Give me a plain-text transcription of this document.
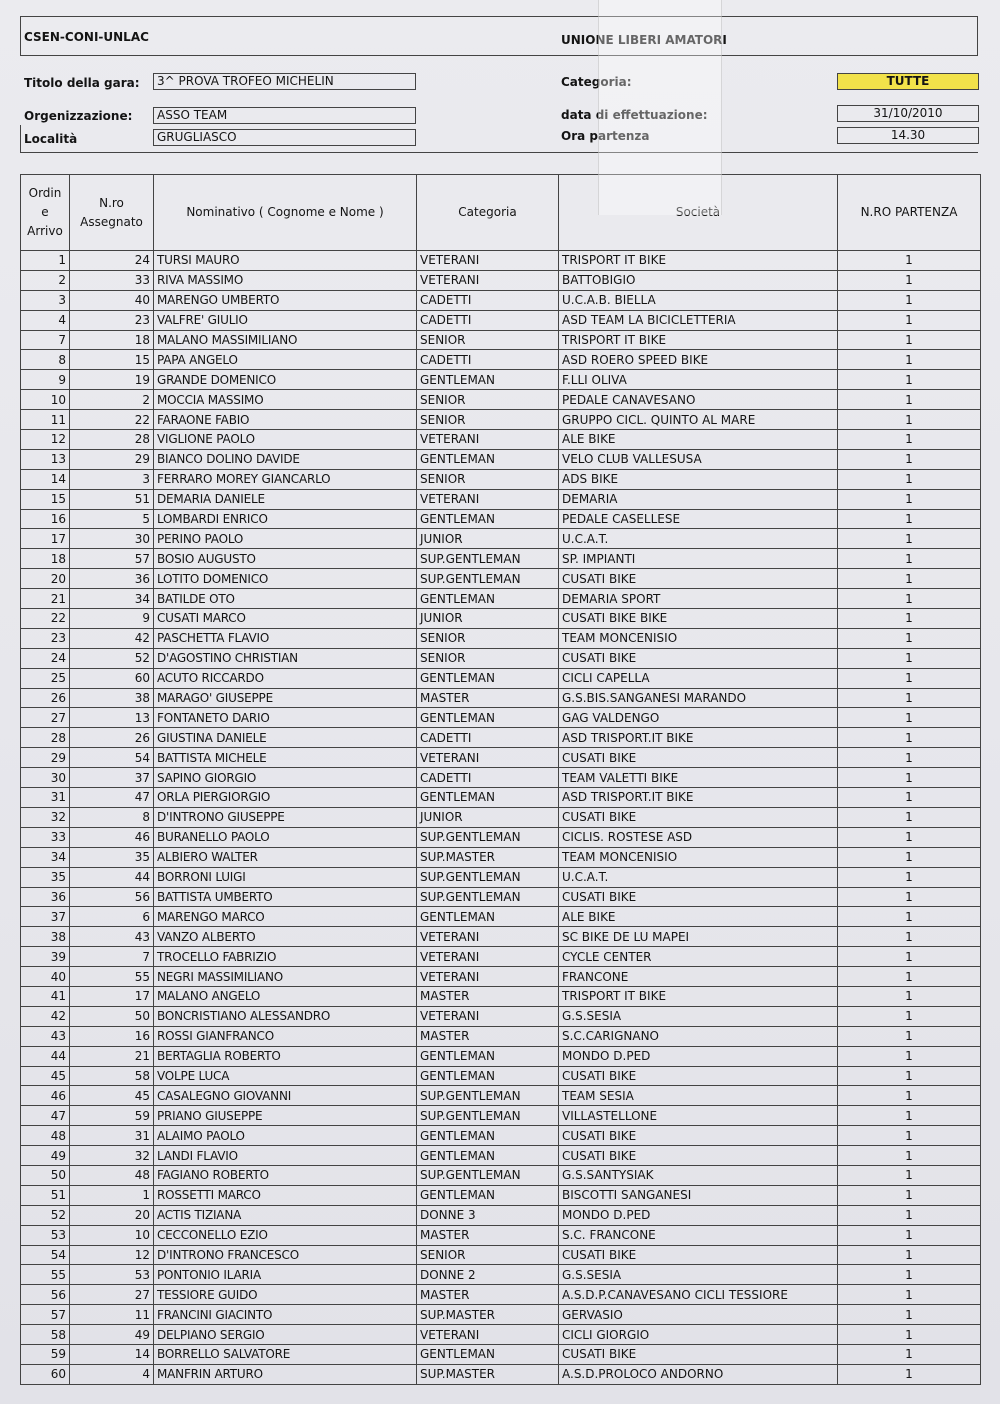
CSEN-CONI-UNLAC	UNIONE LIBERI AMATORI
Titolo della gara:	3^ PROVA TROFEO MICHELIN
Orgenizzazione:	ASSO TEAM
Località	GRUGLIASCO
Categoria:	TUTTE
data di effettuazione:	31/10/2010
Ora partenza	14.30
Ordin e Arrivo	N.ro Assegnato	Nominativo ( Cognome e Nome )	Categoria	Società	N.RO PARTENZA
1	24	TURSI MAURO	VETERANI	TRISPORT IT BIKE	1
2	33	RIVA MASSIMO	VETERANI	BATTOBIGIO	1
3	40	MARENGO UMBERTO	CADETTI	U.C.A.B. BIELLA	1
4	23	VALFRE' GIULIO	CADETTI	ASD TEAM LA BICICLETTERIA	1
7	18	MALANO MASSIMILIANO	SENIOR	TRISPORT IT BIKE	1
8	15	PAPA ANGELO	CADETTI	ASD ROERO SPEED BIKE	1
9	19	GRANDE DOMENICO	GENTLEMAN	F.LLI OLIVA	1
10	2	MOCCIA MASSIMO	SENIOR	PEDALE CANAVESANO	1
11	22	FARAONE FABIO	SENIOR	GRUPPO CICL. QUINTO AL MARE	1
12	28	VIGLIONE PAOLO	VETERANI	ALE BIKE	1
13	29	BIANCO DOLINO DAVIDE	GENTLEMAN	VELO CLUB VALLESUSA	1
14	3	FERRARO MOREY GIANCARLO	SENIOR	ADS BIKE	1
15	51	DEMARIA DANIELE	VETERANI	DEMARIA	1
16	5	LOMBARDI ENRICO	GENTLEMAN	PEDALE CASELLESE	1
17	30	PERINO PAOLO	JUNIOR	U.C.A.T.	1
18	57	BOSIO AUGUSTO	SUP.GENTLEMAN	SP. IMPIANTI	1
20	36	LOTITO DOMENICO	SUP.GENTLEMAN	CUSATI BIKE	1
21	34	BATILDE OTO	GENTLEMAN	DEMARIA SPORT	1
22	9	CUSATI MARCO	JUNIOR	CUSATI BIKE BIKE	1
23	42	PASCHETTA FLAVIO	SENIOR	TEAM MONCENISIO	1
24	52	D'AGOSTINO CHRISTIAN	SENIOR	CUSATI BIKE	1
25	60	ACUTO RICCARDO	GENTLEMAN	CICLI CAPELLA	1
26	38	MARAGO' GIUSEPPE	MASTER	G.S.BIS.SANGANESI MARANDO	1
27	13	FONTANETO DARIO	GENTLEMAN	GAG VALDENGO	1
28	26	GIUSTINA DANIELE	CADETTI	ASD TRISPORT.IT BIKE	1
29	54	BATTISTA MICHELE	VETERANI	CUSATI BIKE	1
30	37	SAPINO GIORGIO	CADETTI	TEAM VALETTI BIKE	1
31	47	ORLA PIERGIORGIO	GENTLEMAN	ASD TRISPORT.IT BIKE	1
32	8	D'INTRONO GIUSEPPE	JUNIOR	CUSATI BIKE	1
33	46	BURANELLO PAOLO	SUP.GENTLEMAN	CICLIS. ROSTESE ASD	1
34	35	ALBIERO WALTER	SUP.MASTER	TEAM MONCENISIO	1
35	44	BORRONI LUIGI	SUP.GENTLEMAN	U.C.A.T.	1
36	56	BATTISTA UMBERTO	SUP.GENTLEMAN	CUSATI BIKE	1
37	6	MARENGO MARCO	GENTLEMAN	ALE BIKE	1
38	43	VANZO ALBERTO	VETERANI	SC BIKE DE LU MAPEI	1
39	7	TROCELLO FABRIZIO	VETERANI	CYCLE CENTER	1
40	55	NEGRI MASSIMILIANO	VETERANI	FRANCONE	1
41	17	MALANO ANGELO	MASTER	TRISPORT IT BIKE	1
42	50	BONCRISTIANO ALESSANDRO	VETERANI	G.S.SESIA	1
43	16	ROSSI GIANFRANCO	MASTER	S.C.CARIGNANO	1
44	21	BERTAGLIA ROBERTO	GENTLEMAN	MONDO D.PED	1
45	58	VOLPE LUCA	GENTLEMAN	CUSATI BIKE	1
46	45	CASALEGNO GIOVANNI	SUP.GENTLEMAN	TEAM SESIA	1
47	59	PRIANO GIUSEPPE	SUP.GENTLEMAN	VILLASTELLONE	1
48	31	ALAIMO PAOLO	GENTLEMAN	CUSATI BIKE	1
49	32	LANDI FLAVIO	GENTLEMAN	CUSATI BIKE	1
50	48	FAGIANO ROBERTO	SUP.GENTLEMAN	G.S.SANTYSIAK	1
51	1	ROSSETTI MARCO	GENTLEMAN	BISCOTTI SANGANESI	1
52	20	ACTIS TIZIANA	DONNE 3	MONDO D.PED	1
53	10	CECCONELLO EZIO	MASTER	S.C. FRANCONE	1
54	12	D'INTRONO FRANCESCO	SENIOR	CUSATI BIKE	1
55	53	PONTONIO ILARIA	DONNE 2	G.S.SESIA	1
56	27	TESSIORE GUIDO	MASTER	A.S.D.P.CANAVESANO CICLI TESSIORE	1
57	11	FRANCINI GIACINTO	SUP.MASTER	GERVASIO	1
58	49	DELPIANO SERGIO	VETERANI	CICLI GIORGIO	1
59	14	BORRELLO SALVATORE	GENTLEMAN	CUSATI BIKE	1
60	4	MANFRIN ARTURO	SUP.MASTER	A.S.D.PROLOCO ANDORNO	1
